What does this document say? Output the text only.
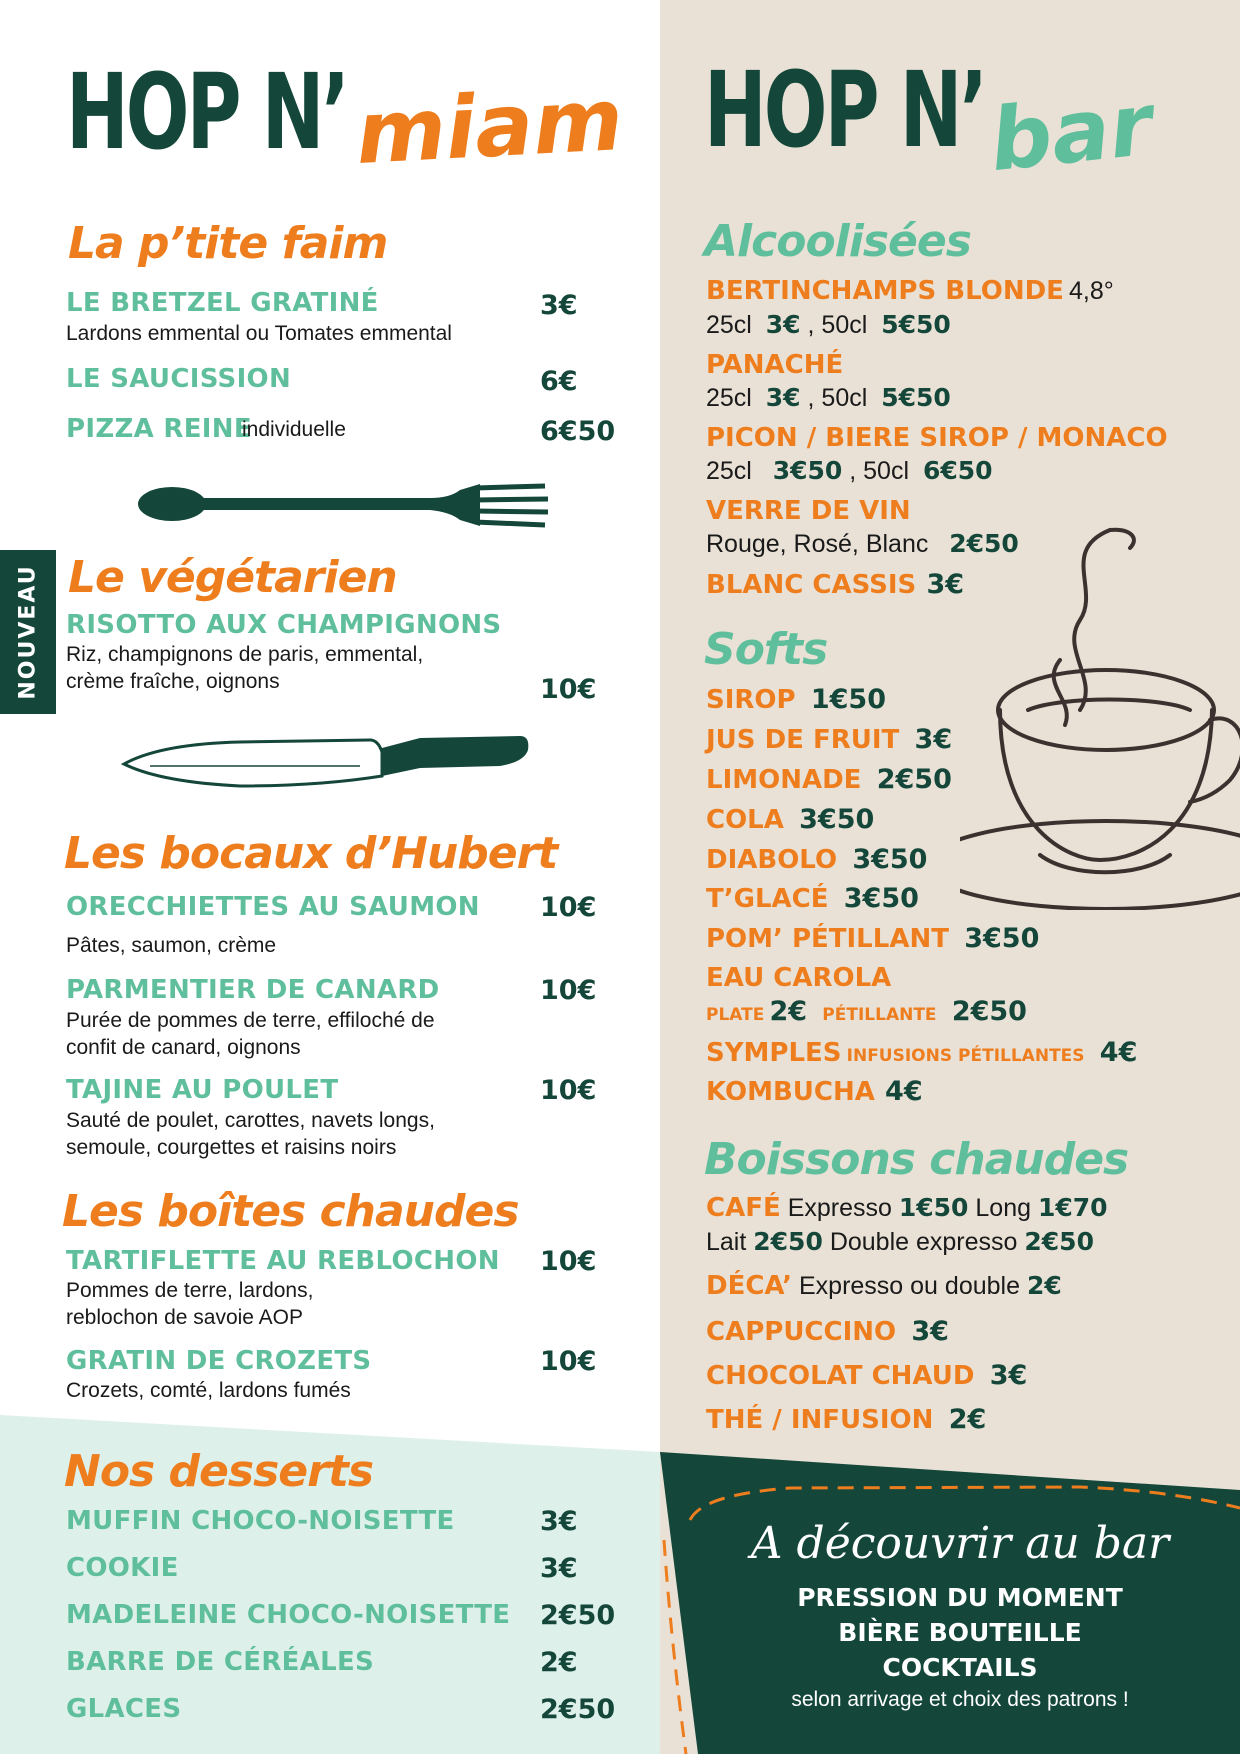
HOP N’ miam HOP N’ bar
NOUVEAU
La p’tite faim
LE BRETZEL GRATINÉ	3€
Lardons emmental ou Tomates emmental
LE SAUCISSION	6€
PIZZA REINE
individuelle	6€50
Le végétarien
RISOTTO AUX CHAMPIGNONS
Riz, champignons de paris, emmental,
crème fraîche, oignons	10€
Les bocaux d’Hubert
ORECCHIETTES AU SAUMON 10€
Pâtes, saumon, crème
PARMENTIER DE CANARD	10€
Purée de pommes de terre, effiloché de
confit de canard, oignons
TAJINE AU POULET	10€
Sauté de poulet, carottes, navets longs,
semoule, courgettes et raisins noirs
Les boîtes chaudes
TARTIFLETTE AU REBLOCHON 10€
Pommes de terre, lardons,
reblochon de savoie AOP
GRATIN DE CROZETS	10€
Crozets, comté, lardons fumés
Nos desserts
MUFFIN CHOCO-NOISETTE	3€
COOKIE	3€
MADELEINE CHOCO-NOISETTE 2€50
BARRE DE CÉRÉALES	2€
GLACES	2€50
Alcoolisées
BERTINCHAMPS BLONDE 4,8°
25cl 3€ , 50cl 5€50
PANACHÉ
25cl 3€ , 50cl 5€50
PICON / BIERE SIROP / MONACO
25cl 3€50 , 50cl 6€50
VERRE DE VIN
Rouge, Rosé, Blanc 2€50
BLANC CASSIS 3€
Softs
SIROP 1€50
JUS DE FRUIT 3€
LIMONADE 2€50
COLA 3€50
DIABOLO 3€50
T’GLACÉ 3€50
POM’ PÉTILLANT 3€50
EAU CAROLA
PLATE 2€ PÉTILLANTE 2€50
SYMPLES INFUSIONS PÉTILLANTES 4€
KOMBUCHA 4€
Boissons chaudes
CAFÉ Expresso 1€50 Long 1€70
Lait 2€50 Double expresso 2€50
DÉCA’ Expresso ou double 2€
CAPPUCCINO 3€
CHOCOLAT CHAUD 3€
THÉ / INFUSION 2€
A découvrir au bar
PRESSION DU MOMENT
BIÈRE BOUTEILLE
COCKTAILS
selon arrivage et choix des patrons !
